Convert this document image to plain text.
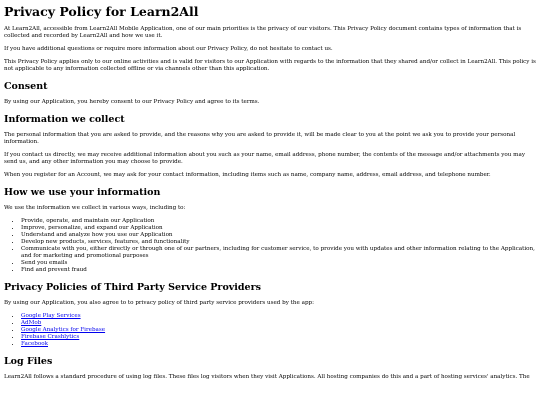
Privacy Policy for Learn2All

At Learn2All, accessible from Learn2All Mobile Application, one of our main priorities is the privacy of our visitors. This Privacy Policy document contains types of information that is collected and recorded by Learn2All and how we use it.

If you have additional questions or require more information about our Privacy Policy, do not hesitate to contact us.

This Privacy Policy applies only to our online activities and is valid for visitors to our Application with regards to the information that they shared and/or collect in Learn2All. This policy is not applicable to any information collected offline or via channels other than this application.

Consent

By using our Application, you hereby consent to our Privacy Policy and agree to its terms.

Information we collect

The personal information that you are asked to provide, and the reasons why you are asked to provide it, will be made clear to you at the point we ask you to provide your personal information.

If you contact us directly, we may receive additional information about you such as your name, email address, phone number, the contents of the message and/or attachments you may send us, and any other information you may choose to provide.

When you register for an Account, we may ask for your contact information, including items such as name, company name, address, email address, and telephone number.

How we use your information

We use the information we collect in various ways, including to:

• Provide, operate, and maintain our Application
• Improve, personalize, and expand our Application
• Understand and analyze how you use our Application
• Develop new products, services, features, and functionality
• Communicate with you, either directly or through one of our partners, including for customer service, to provide you with updates and other information relating to the Application, and for marketing and promotional purposes
• Send you emails
• Find and prevent fraud
Privacy Policies of Third Party Service Providers

By using our Application, you also agree to to privacy policy of third party service providers used by the app:

• Google Play Services
• AdMob
• Google Analytics for Firebase
• Firebase Crashlytics
• Facebook
Log Files

Learn2All follows a standard procedure of using log files. These files log visitors when they visit Applications. All hosting companies do this and a part of hosting services' analytics. The
